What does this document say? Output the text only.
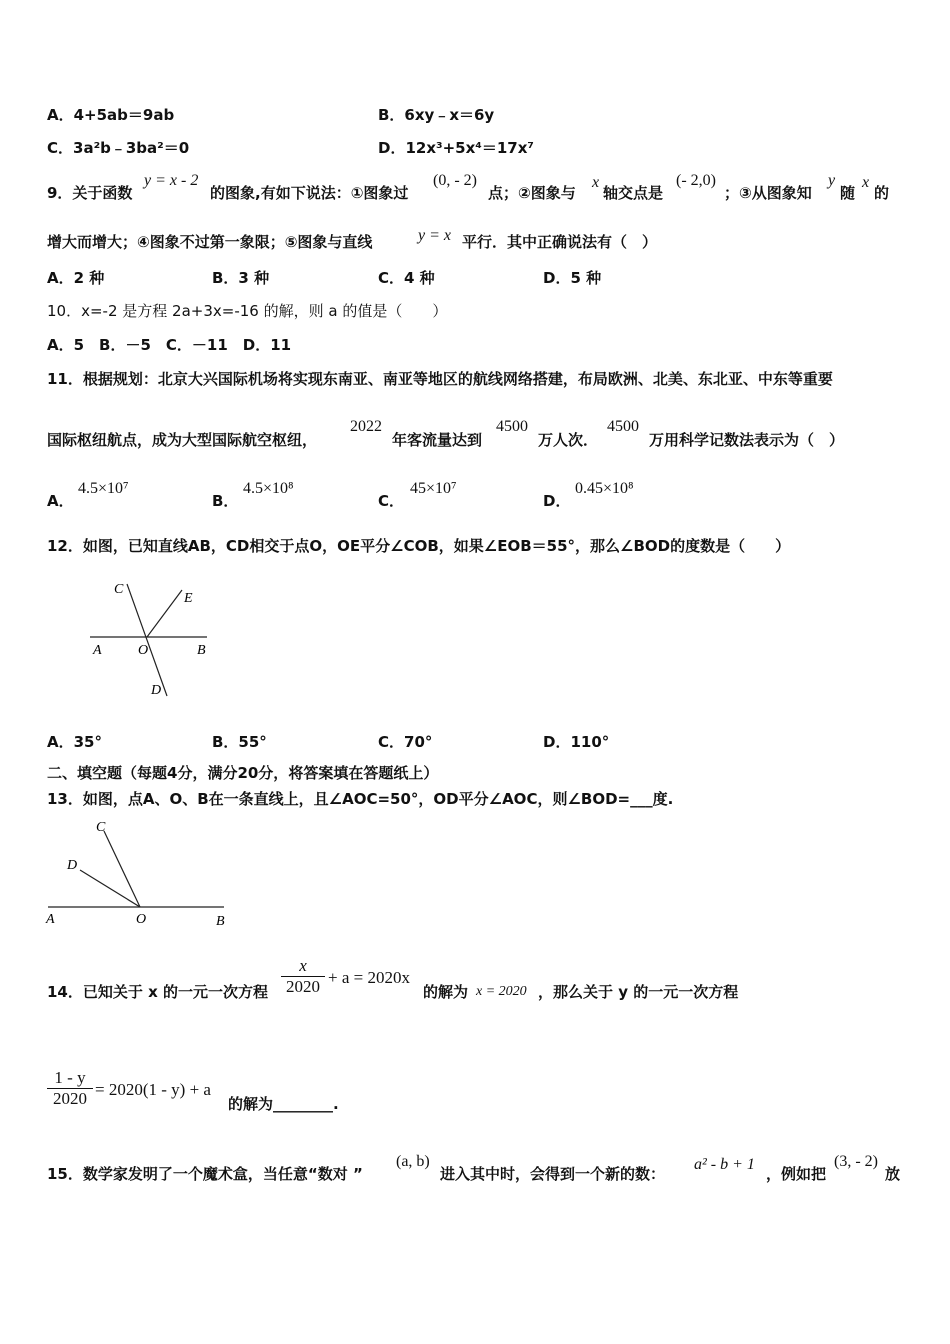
A．4+5ab＝9ab	B．6xy﹣x＝6y
C．3a²b﹣3ba²＝0	D．12x³+5x⁴＝17x⁷
9．关于函数
y = x - 2
的图象,有如下说法：①图象过
(0, - 2)
点；②图象与
x
轴交点是
(- 2,0)
；③从图象知
y
随
x
的
增大而增大；④图象不过第一象限；⑤图象与直线	y = x 平行．其中正确说法有（　）
A．2 种	B．3 种	C．4 种	D．5 种
10．x=-2 是方程 2a+3x=-16 的解，则 a 的值是（　　）
A．5　B．－5　C．－11　D．11
11．根据规划：北京大兴国际机场将实现东南亚、南亚等地区的航线网络搭建，布局欧洲、北美、东北亚、中东等重要
国际枢纽航点，成为大型国际航空枢纽，
2022
年客流量达到
4500
万人次．
4500
万用科学记数法表示为（　）
A．
4.5×10⁷
B．
4.5×10⁸
C．
45×10⁷
D．
0.45×10⁸
12．如图，已知直线AB，CD相交于点O，OE平分∠COB，如果∠EOB＝55°，那么∠BOD的度数是（　　）
C
E
A	O	B
D
A．35°	B．55°	C．70°	D．110°
二、填空题（每题4分，满分20分，将答案填在答题纸上）
13．如图，点A、O、B在一条直线上，且∠AOC=50°，OD平分∠AOC，则∠BOD=___度.
C
D
A	O	B
14．已知关于 x 的一元一次方程
x
2020 + a = 2020x
的解为 x = 2020 ，那么关于 y 的一元一次方程
1 - y
2020 = 2020(1 - y) + a
的解为________.
15．数学家发明了一个魔术盒，当任意“数对 ”
(a, b)
进入其中时，会得到一个新的数：
a² - b + 1
，例如把
(3, - 2)
放
